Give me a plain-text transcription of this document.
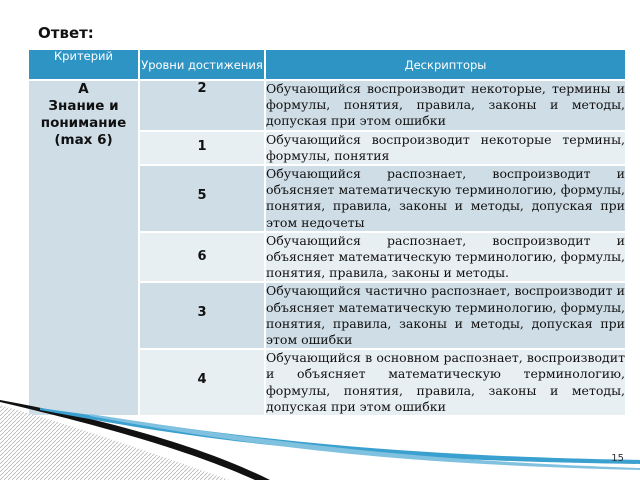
Ответ:
Критерий	Уровни достижения	Дескрипторы

А
Знание и понимание
(max 6)	2	Обучающийся воспроизводит некоторые, термины и формулы, понятия, правила, законы и методы, допуская при этом ошибки
	1	Обучающийся воспроизводит некоторые термины, формулы, понятия
	5	Обучающийся распознает, воспроизводит и объясняет математическую терминологию, формулы, понятия, правила, законы и методы, допуская при этом недочеты
	6	Обучающийся распознает, воспроизводит и объясняет математическую терминологию, формулы, понятия, правила, законы и методы.
	3	Обучающийся частично распознает, воспроизводит и объясняет математическую терминологию, формулы, понятия, правила, законы и методы, допуская при этом ошибки
	4	Обучающийся в основном распознает, воспроизводит и объясняет математическую терминологию, формулы, понятия, правила, законы и методы, допуская при этом ошибки
15
